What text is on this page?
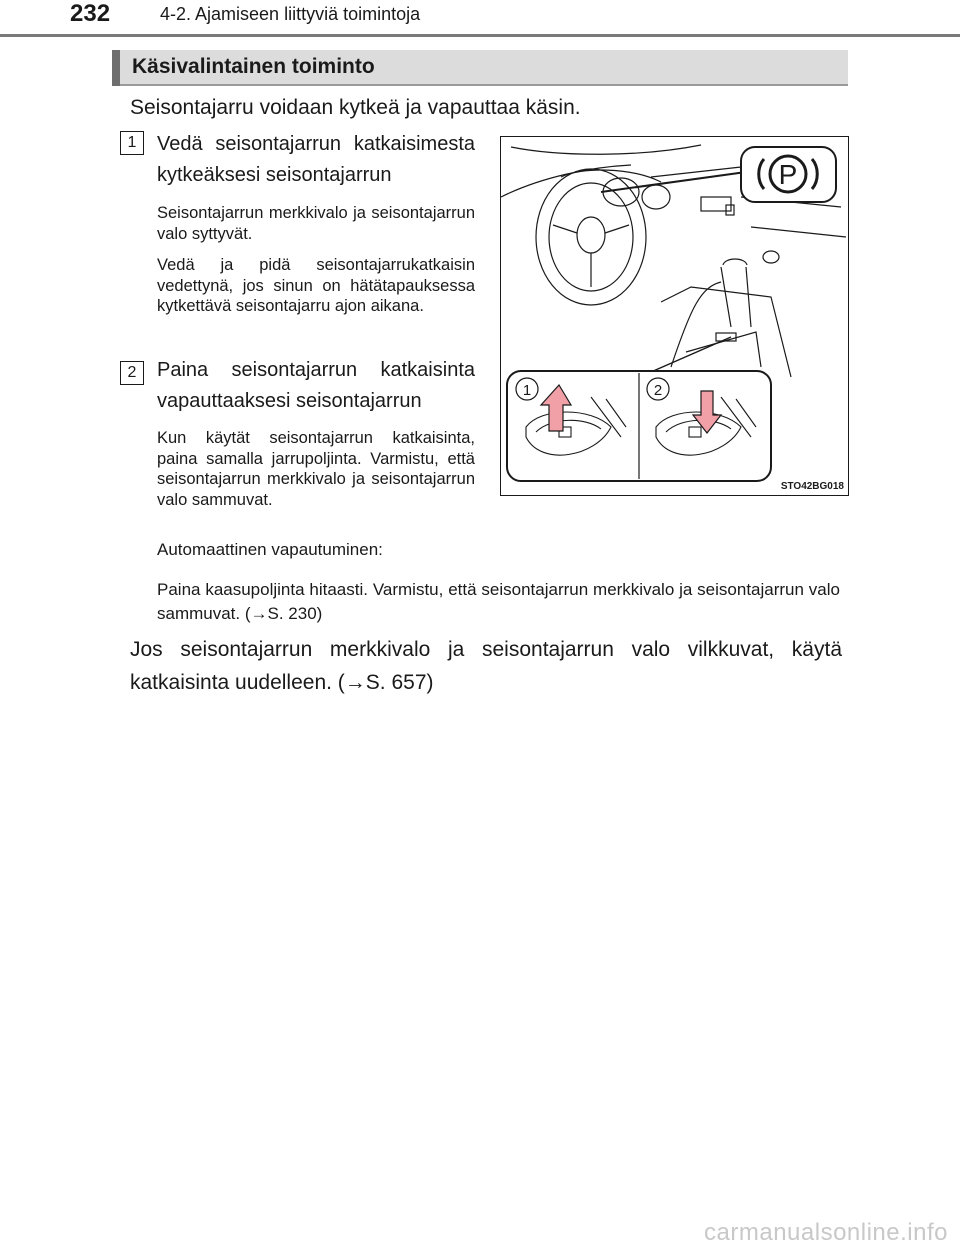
232	4-2. Ajamiseen liittyviä toimintoja
Käsivalintainen toiminto
Seisontajarru voidaan kytkeä ja vapauttaa käsin.
1	Vedä seisontajarrun katkaisimesta kytkeäksesi seisontajarrun
Seisontajarrun merkkivalo ja seisontajarrun valo syttyvät.
Vedä ja pidä seisontajarrukatkaisin vedettynä, jos sinun on hätätapauksessa kytkettävä seisontajarru ajon aikana.
2	Paina seisontajarrun katkaisinta vapauttaaksesi seisontajarrun
Kun käytät seisontajarrun katkaisinta, paina samalla jarrupoljinta. Varmistu, että seisontajarrun merkkivalo ja seisontajarrun valo sammuvat.
P
1	2
STO42BG018
Automaattinen vapautuminen:
Paina kaasupoljinta hitaasti. Varmistu, että seisontajarrun merkkivalo ja seisontajarrun valo sammuvat. (→S. 230)
Jos seisontajarrun merkkivalo ja seisontajarrun valo vilkkuvat, käytä katkaisinta uudelleen. (→S. 657)
carmanualsonline.info
